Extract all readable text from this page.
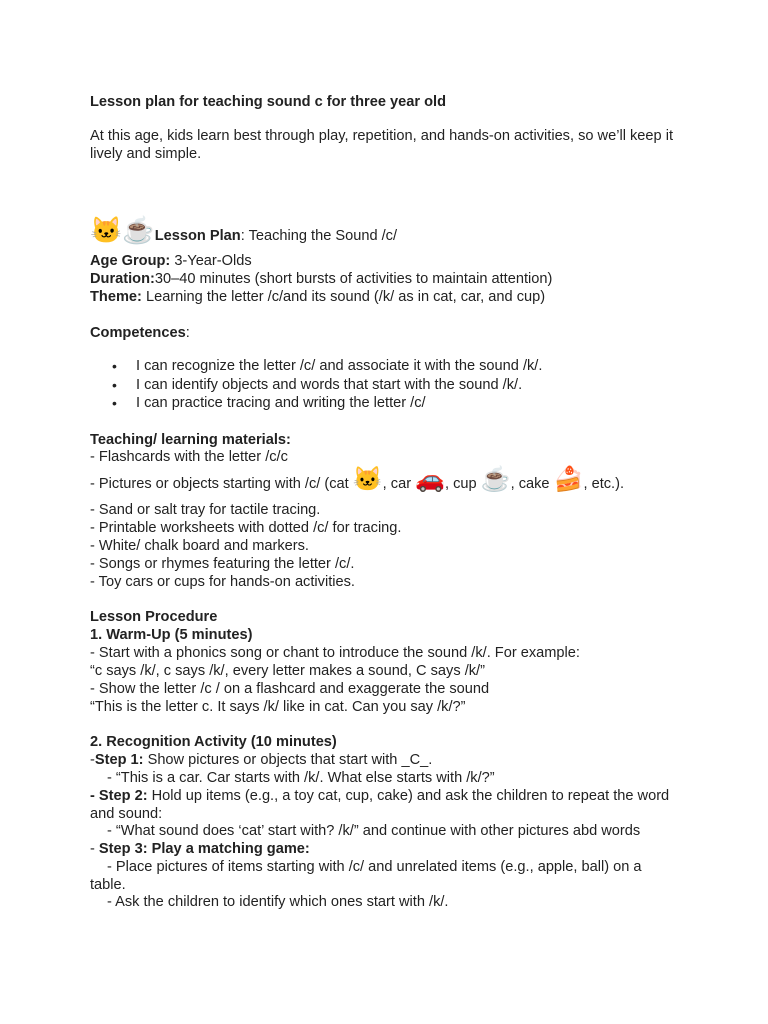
Lesson plan for teaching sound c for three year old
At this age, kids learn best through play, repetition, and hands-on activities, so we’ll keep it lively and simple.
🐱☕Lesson Plan: Teaching the Sound /c/
Age Group: 3-Year-Olds
Duration:30–40 minutes (short bursts of activities to maintain attention)
Theme: Learning the letter /c/and its sound (/k/ as in cat, car, and cup)
Competences:
• I can recognize the letter /c/ and associate it with the sound /k/.
• I can identify objects and words that start with the sound /k/.
• I can practice tracing and writing the letter /c/
Teaching/ learning materials:
- Flashcards with the letter /c/c
- Pictures or objects starting with /c/ (cat 🐱, car 🚗, cup ☕, cake 🍰, etc.).
- Sand or salt tray for tactile tracing.
- Printable worksheets with dotted /c/ for tracing.
- White/ chalk board and markers.
- Songs or rhymes featuring the letter /c/.
- Toy cars or cups for hands-on activities.
Lesson Procedure
1. Warm-Up (5 minutes)
- Start with a phonics song or chant to introduce the sound /k/. For example:
“c says /k/, c says /k/, every letter makes a sound, C says /k/”
- Show the letter /c / on a flashcard and exaggerate the sound
“This is the letter c. It says /k/ like in cat. Can you say /k/?”
2. Recognition Activity (10 minutes)
-Step 1: Show pictures or objects that start with _C_.
- “This is a car. Car starts with /k/. What else starts with /k/?”
- Step 2: Hold up items (e.g., a toy cat, cup, cake) and ask the children to repeat the word and sound:
- “What sound does ‘cat’ start with? /k/” and continue with other pictures abd words
- Step 3: Play a matching game:
- Place pictures of items starting with /c/ and unrelated items (e.g., apple, ball) on a table.
- Ask the children to identify which ones start with /k/.
